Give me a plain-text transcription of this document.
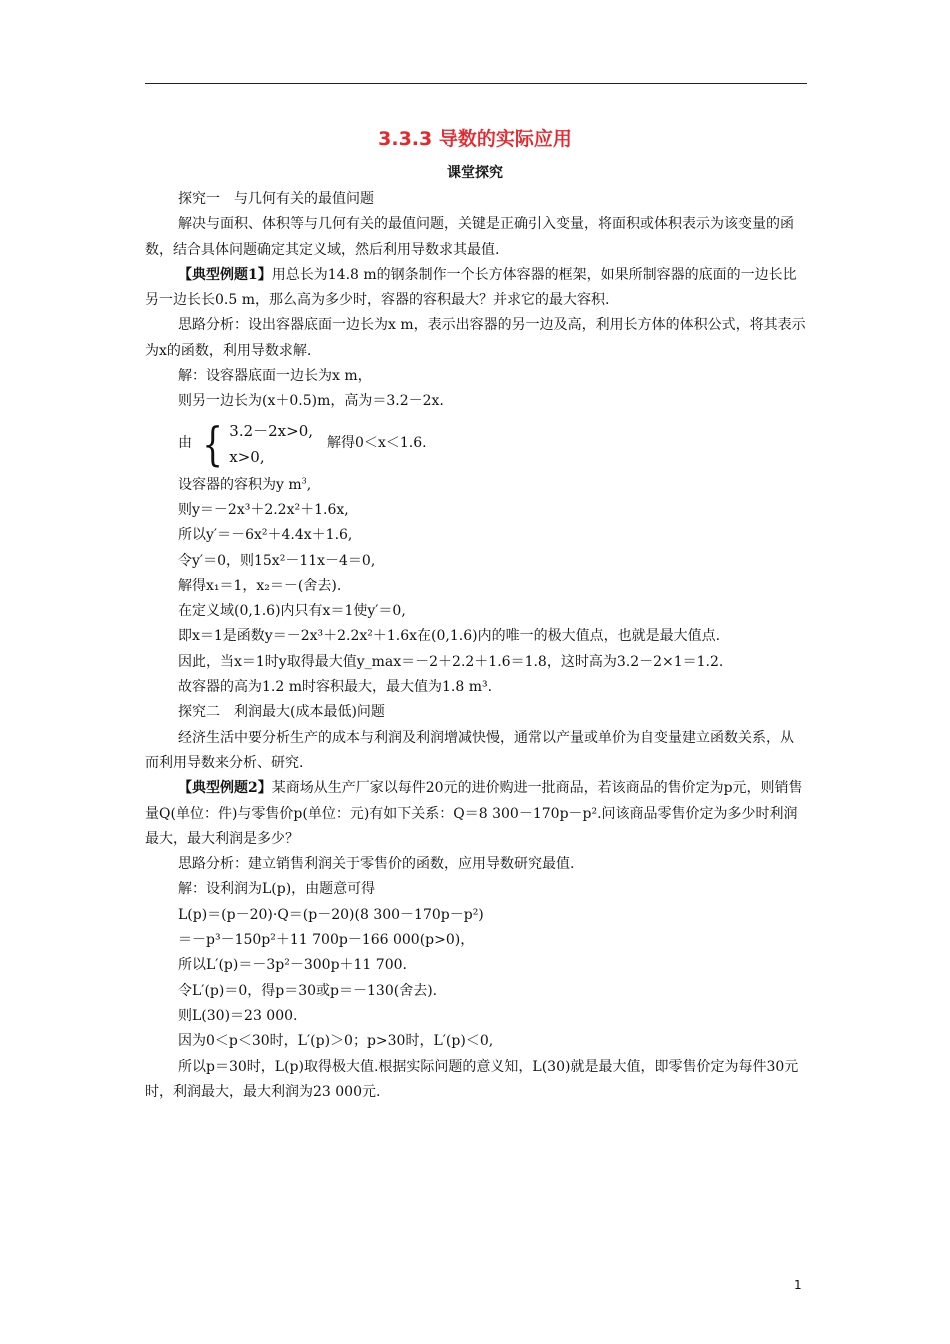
3.3.3 导数的实际应用
课堂探究

探究一　与几何有关的最值问题

解决与面积、体积等与几何有关的最值问题，关键是正确引入变量，将面积或体积表示为该变量的函数，结合具体问题确定其定义域，然后利用导数求其最值.

【典型例题1】用总长为14.8 m的钢条制作一个长方体容器的框架，如果所制容器的底面的一边长比另一边长长0.5 m，那么高为多少时，容器的容积最大？并求它的最大容积.

思路分析：设出容器底面一边长为x m，表示出容器的另一边及高，利用长方体的体积公式，将其表示为x的函数，利用导数求解.

解：设容器底面一边长为x m，

则另一边长为(x＋0.5)m，高为＝3.2－2x.

由 { 3.2－2x>0,
x>0,
解得0＜x＜1.6.

设容器的容积为y $m^3$,

则y＝－2x³＋2.2x²＋1.6x,

所以y′＝－6x²＋4.4x＋1.6,

令y′＝0，则15x²－11x－4＝0,

解得x₁＝1，x₂＝－(舍去).

在定义域(0,1.6)内只有x＝1使y′＝0,

即x＝1是函数y＝－2x³＋2.2x²＋1.6x在(0,1.6)内的唯一的极大值点，也就是最大值点.

因此，当x＝1时y取得最大值y_max＝－2＋2.2＋1.6＝1.8，这时高为3.2－2×1＝1.2.

故容器的高为1.2 m时容积最大，最大值为1.8 m³.

探究二　利润最大(成本最低)问题

经济生活中要分析生产的成本与利润及利润增减快慢，通常以产量或单价为自变量建立函数关系，从而利用导数来分析、研究.

【典型例题2】某商场从生产厂家以每件20元的进价购进一批商品，若该商品的售价定为p元，则销售量Q(单位：件)与零售价p(单位：元)有如下关系：Q＝8 300－170p－p².问该商品零售价定为多少时利润最大，最大利润是多少？

思路分析：建立销售利润关于零售价的函数，应用导数研究最值.

解：设利润为L(p)，由题意可得

L(p)＝(p－20)·Q＝(p－20)(8 300－170p－p²)

＝－p³－150p²＋11 700p－166 000(p>0)，

所以L′(p)＝－3p²－300p＋11 700.

令L′(p)＝0，得p＝30或p＝－130(舍去).

则L(30)＝23 000.

因为0＜p＜30时，L′(p)＞0；p>30时，L′(p)＜0,

所以p＝30时，L(p)取得极大值.根据实际问题的意义知，L(30)就是最大值，即零售价定为每件30元时，利润最大，最大利润为23 000元.

1
